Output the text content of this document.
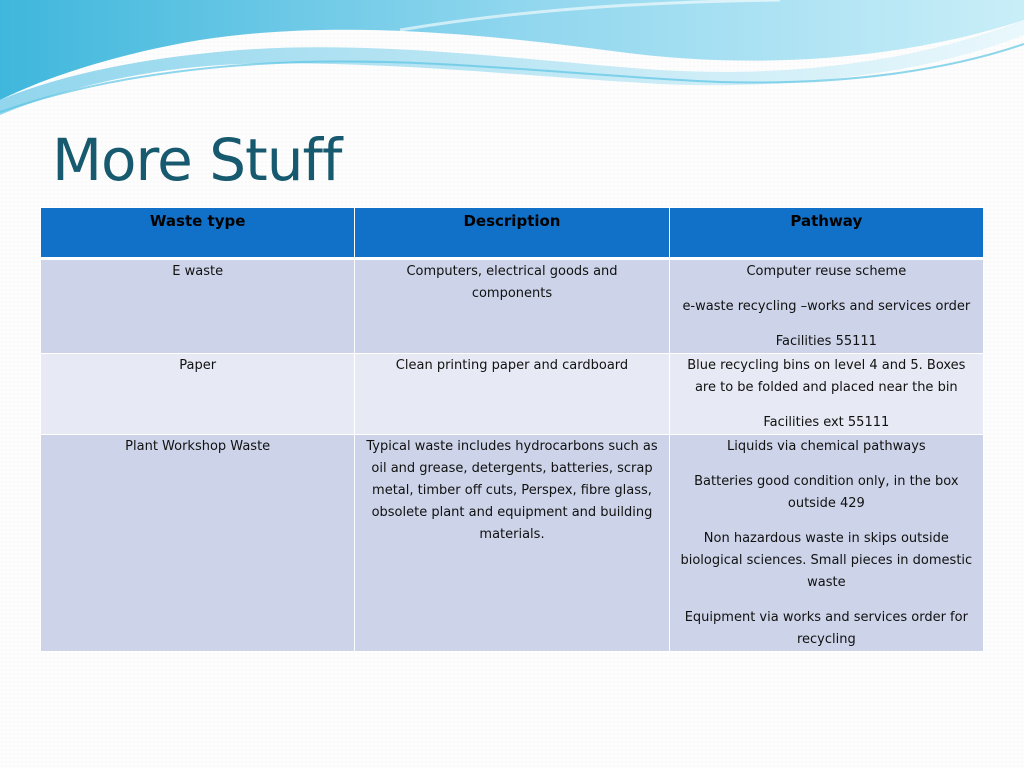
More Stuff
Waste type	Description	Pathway
E waste	Computers, electrical goods and components	Computer reuse scheme

e-waste recycling –works and services order

Facilities 55111

Paper	Clean printing paper and cardboard	Blue recycling bins on level 4 and 5. Boxes are to be folded and placed near the bin

Facilities ext 55111

Plant Workshop Waste	Typical waste includes hydrocarbons such as oil and grease, detergents, batteries, scrap metal, timber off cuts, Perspex, fibre glass, obsolete plant and equipment and building materials.	Liquids via chemical pathways

Batteries good condition only, in the box outside 429

Non hazardous waste in skips outside biological sciences. Small pieces in domestic waste

Equipment via works and services order for recycling
